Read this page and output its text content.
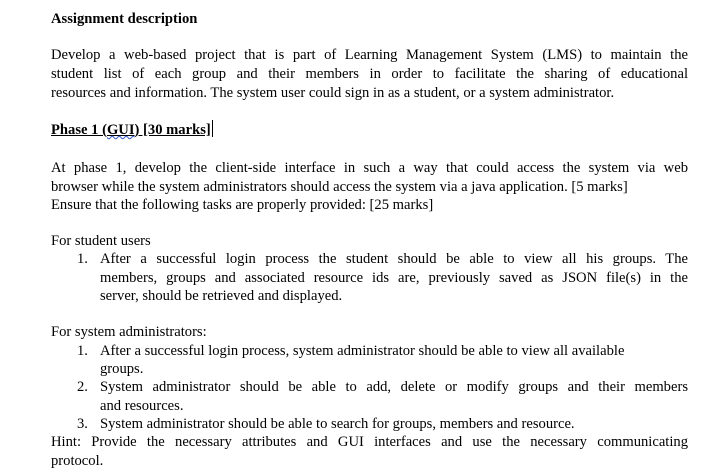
Assignment description
Develop a web-based project that is part of Learning Management System (LMS) to maintain the
student list of each group and their members in order to facilitate the sharing of educational
resources and information. The system user could sign in as a student, or a system administrator.
Phase 1 (GUI) [30 marks]
At phase 1, develop the client-side interface in such a way that could access the system via web
browser while the system administrators should access the system via a java application. [5 marks]
Ensure that the following tasks are properly provided: [25 marks]
For student users
1. After a successful login process the student should be able to view all his groups. The
members, groups and associated resource ids are, previously saved as JSON file(s) in the
server, should be retrieved and displayed.
For system administrators:
1. After a successful login process, system administrator should be able to view all available
groups.
2. System administrator should be able to add, delete or modify groups and their members
and resources.
3. System administrator should be able to search for groups, members and resource.
Hint: Provide the necessary attributes and GUI interfaces and use the necessary communicating
protocol.
